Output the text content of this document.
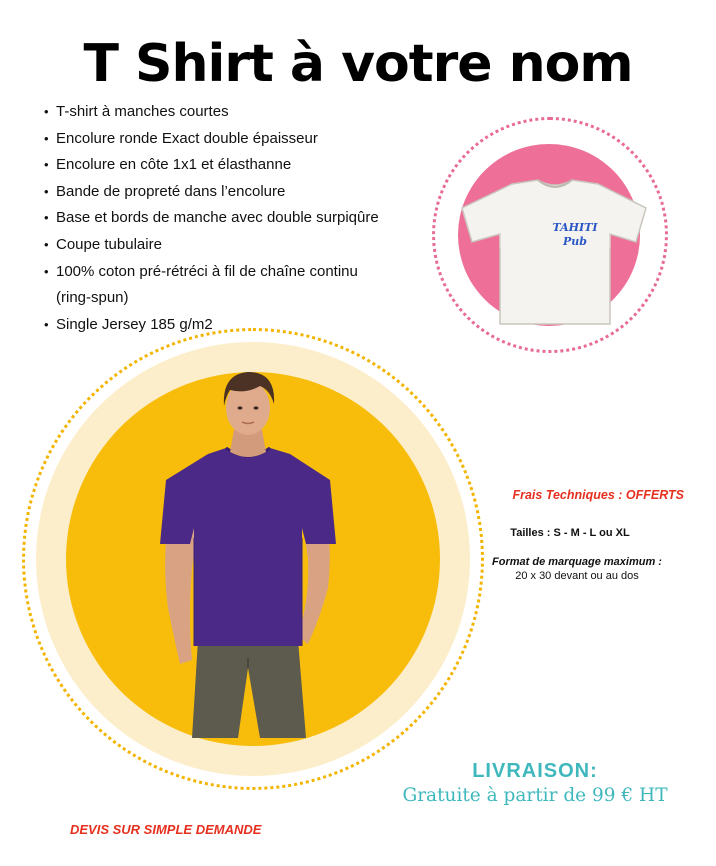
T Shirt à votre nom
• T-shirt à manches courtes
• Encolure ronde Exact double épaisseur
• Encolure en côte 1x1 et élasthanne
• Bande de propreté dans l’encolure
• Base et bords de manche avec double surpiqûre
• Coupe tubulaire
• 100% coton pré-rétréci à fil de chaîne continu
(ring-spun)
• Single Jersey 185 g/m2
TAHITI
Pub
Frais Techniques : OFFERTS
Tailles : S - M - L ou XL
Format de marquage maximum :
20 x 30 devant ou au dos
LIVRAISON:
Gratuite à partir de 99 € HT
DEVIS SUR SIMPLE DEMANDE
